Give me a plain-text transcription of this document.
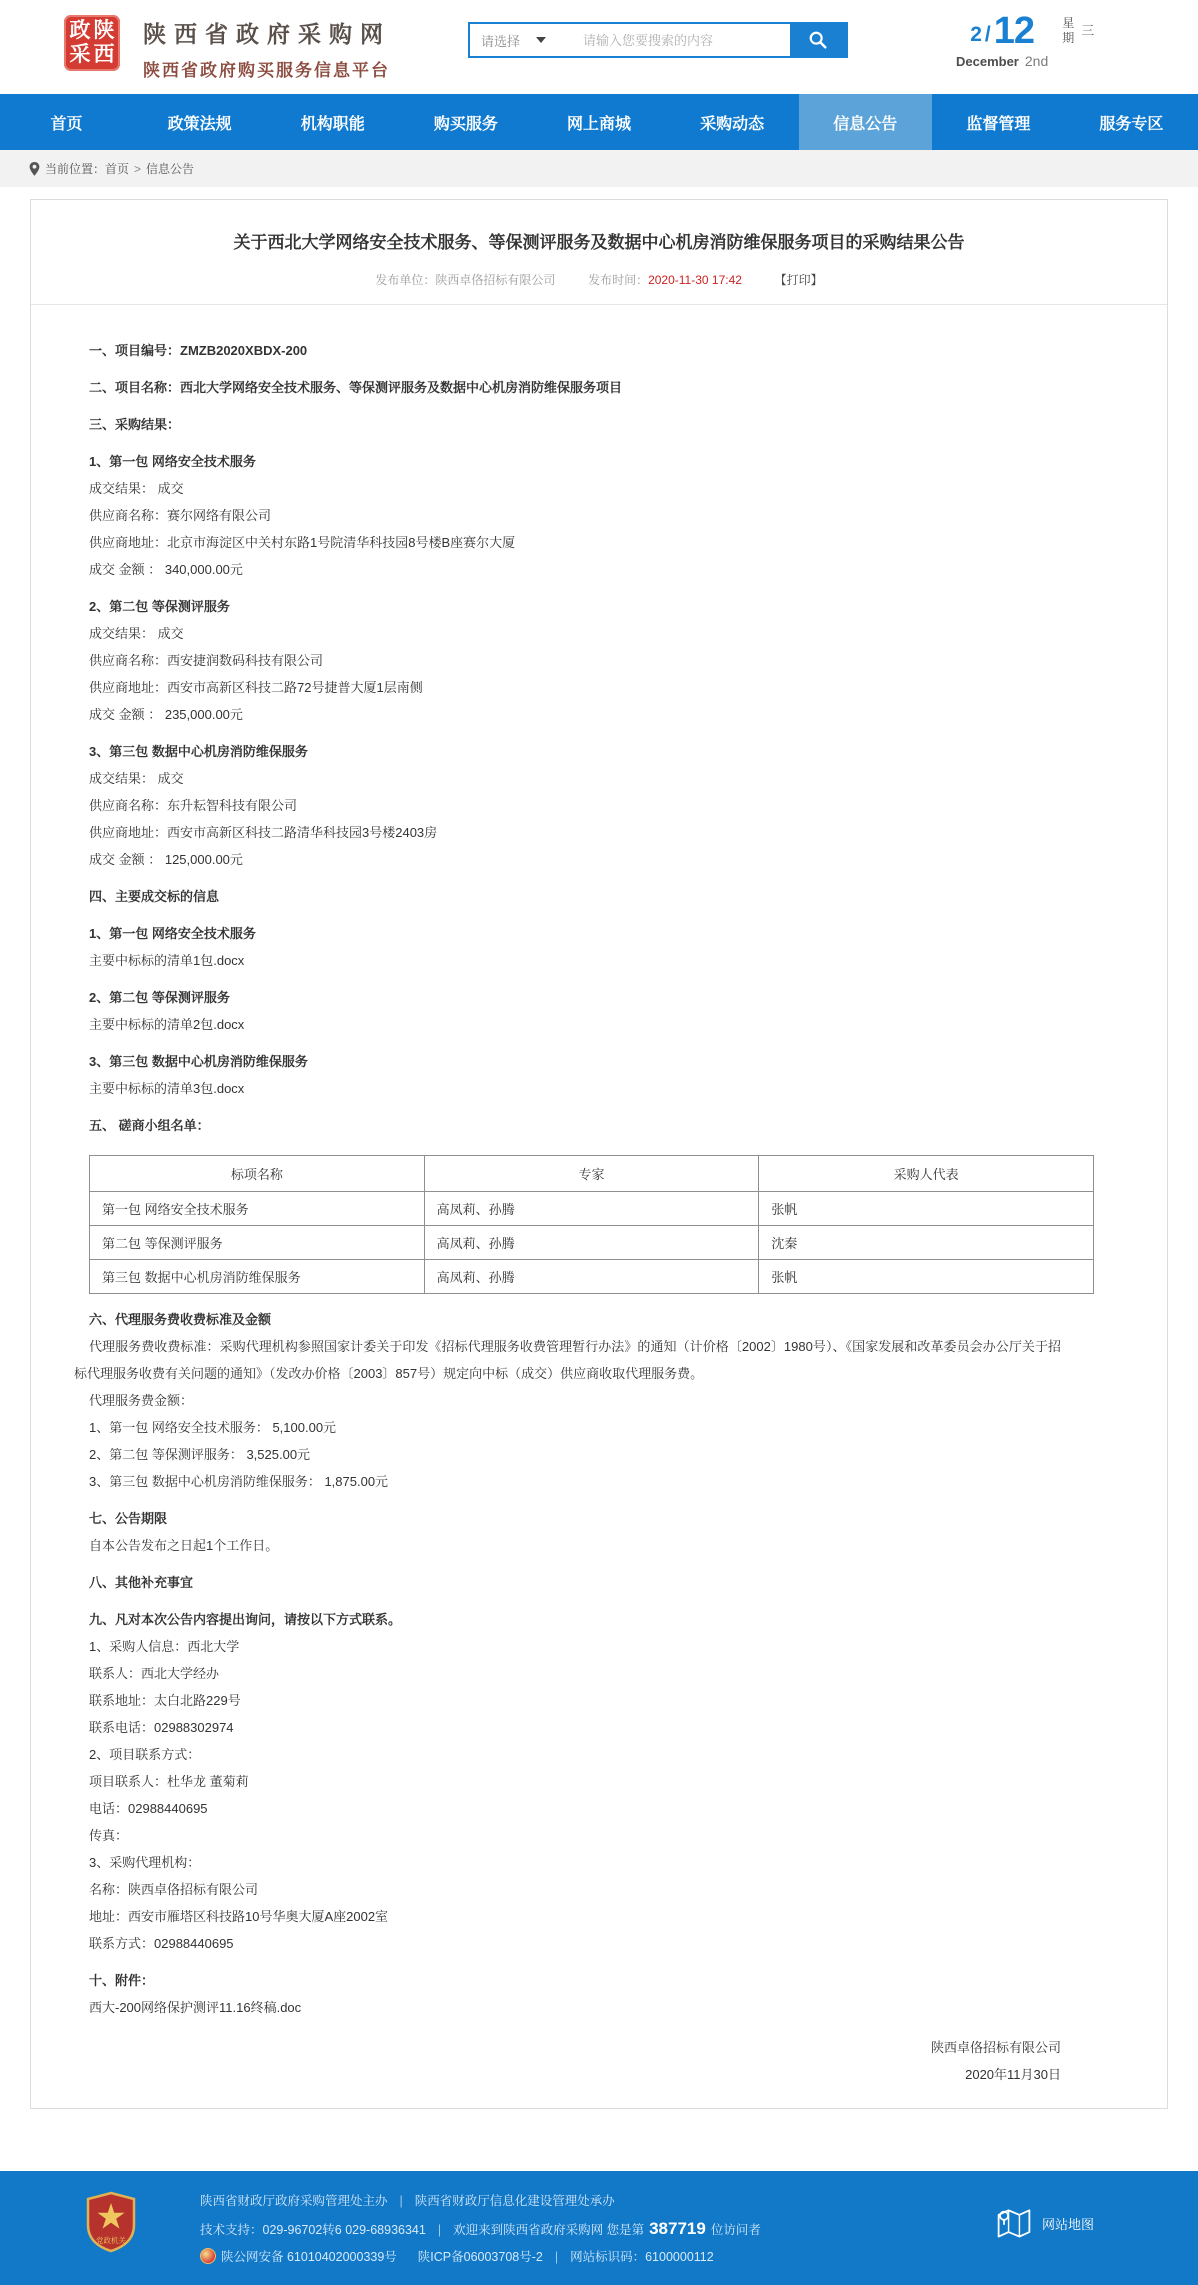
政 陕
采 西
陕西省政府采购网
陕西省政府购买服务信息平台
请选择
请输入您要搜索的内容	2 / 12
December 2nd
星
期 三
首页	政策法规	机构职能	购买服务	网上商城	采购动态	信息公告	监督管理	服务专区
当前位置： 首页 > 信息公告
关于西北大学网络安全技术服务、等保测评服务及数据中心机房消防维保服务项目的采购结果公告
发布单位：陕西卓佫招标有限公司	发布时间：2020-11-30 17:42	【打印】

一、项目编号：ZMZB2020XBDX-200

二、项目名称：西北大学网络安全技术服务、等保测评服务及数据中心机房消防维保服务项目

三、采购结果：

1、第一包 网络安全技术服务

成交结果： 成交

供应商名称：赛尔网络有限公司

供应商地址：北京市海淀区中关村东路1号院清华科技园8号楼B座赛尔大厦

成交 金额 ： 340,000.00元

2、第二包 等保测评服务

成交结果： 成交

供应商名称：西安捷润数码科技有限公司

供应商地址：西安市高新区科技二路72号捷普大厦1层南侧

成交 金额 ： 235,000.00元

3、第三包 数据中心机房消防维保服务

成交结果： 成交

供应商名称：东升耘智科技有限公司

供应商地址：西安市高新区科技二路清华科技园3号楼2403房

成交 金额 ： 125,000.00元

四、主要成交标的信息

1、第一包 网络安全技术服务

主要中标标的清单1包.docx

2、第二包 等保测评服务

主要中标标的清单2包.docx

3、第三包 数据中心机房消防维保服务

主要中标标的清单3包.docx

五、 磋商小组名单：

标项名称	专家	采购人代表
第一包 网络安全技术服务	高凤莉、孙腾	张帆
第二包 等保测评服务	高凤莉、孙腾	沈秦
第三包 数据中心机房消防维保服务	高凤莉、孙腾	张帆

六、代理服务费收费标准及金额

代理服务费收费标准：采购代理机构参照国家计委关于印发《招标代理服务收费管理暂行办法》的通知（计价格〔2002〕1980号）、《国家发展和改革委员会办公厅关于招标代理服务收费有关问题的通知》（发改办价格〔2003〕857号）规定向中标（成交）供应商收取代理服务费。

代理服务费金额：

1、第一包 网络安全技术服务： 5,100.00元

2、第二包 等保测评服务： 3,525.00元

3、第三包 数据中心机房消防维保服务： 1,875.00元

七、公告期限

自本公告发布之日起1个工作日。

八、其他补充事宜

九、凡对本次公告内容提出询问，请按以下方式联系。

1、采购人信息：西北大学

联系人：西北大学经办

联系地址：太白北路229号

联系电话：02988302974

2、项目联系方式：

项目联系人：杜华龙 董菊莉

电话：02988440695

传真：

3、采购代理机构：

名称：陕西卓佫招标有限公司

地址：西安市雁塔区科技路10号华奥大厦A座2002室

联系方式：02988440695

十、附件：

西大-200网络保护测评11.16终稿.doc

陕西卓佫招标有限公司
2020年11月30日
党政机关
陕西省财政厅政府采购管理处主办 | 陕西省财政厅信息化建设管理处承办
技术支持：029-96702转6 029-68936341 | 欢迎来到陕西省政府采购网 您是第 387719 位访问者
陕公网安备 61010402000339号 陕ICP备06003708号-2 | 网站标识码：6100000112
网站地图
